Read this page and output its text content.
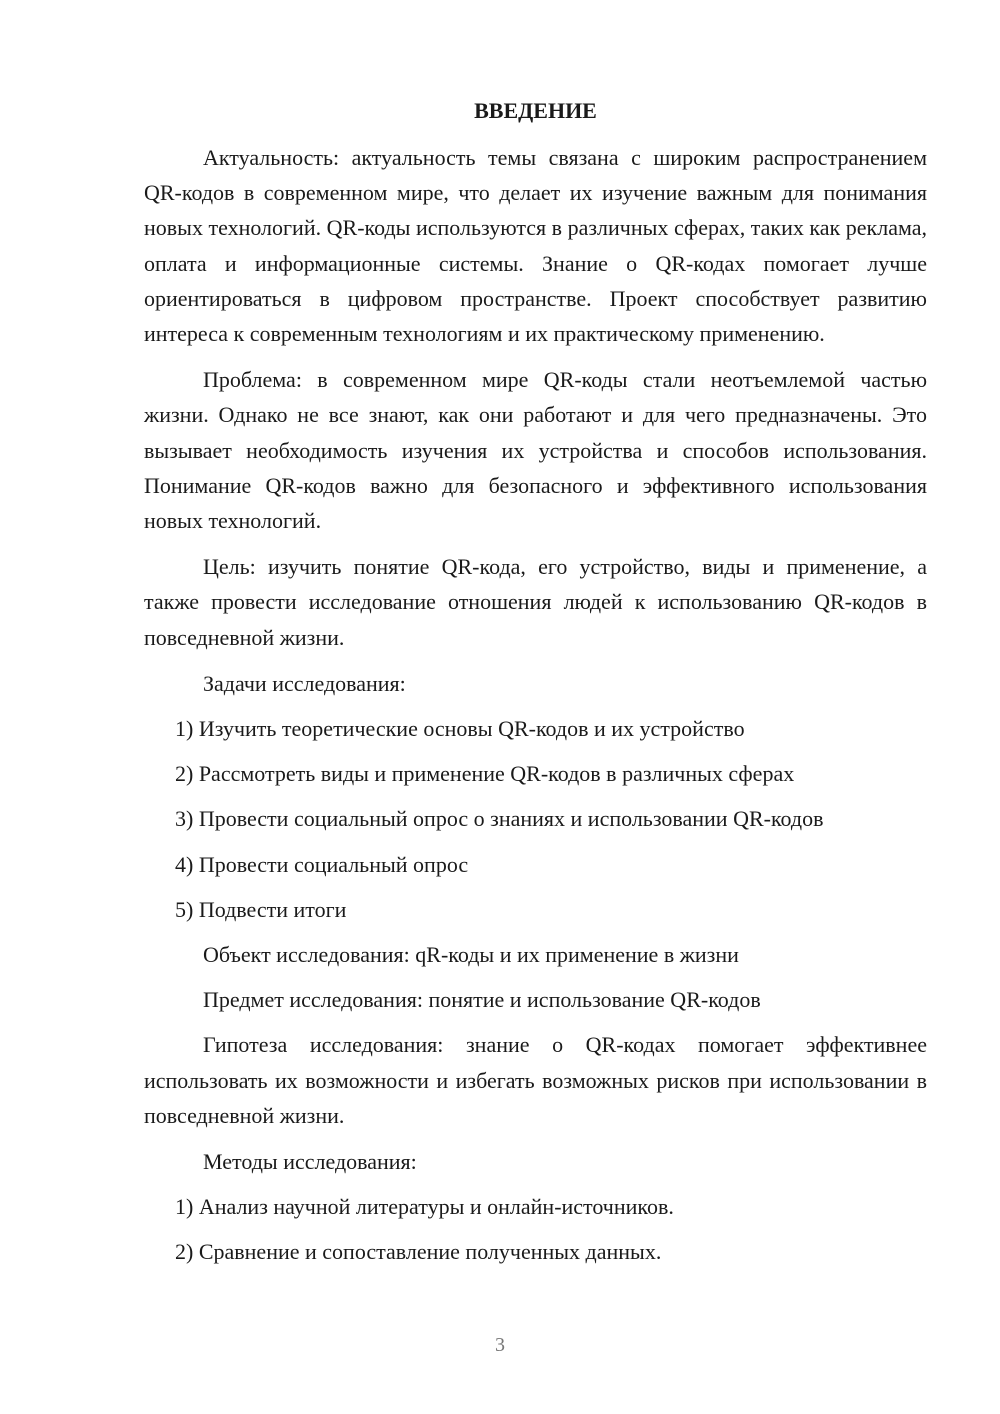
ВВЕДЕНИЕ

Актуальность: актуальность темы связана с широким распространением QR-кодов в современном мире, что делает их изучение важным для понимания новых технологий. QR-коды используются в различных сферах, таких как реклама, оплата и информационные системы. Знание о QR-кодах помогает лучше ориентироваться в цифровом пространстве. Проект способствует развитию интереса к современным технологиям и их практическому применению.

Проблема: в современном мире QR-коды стали неотъемлемой частью жизни. Однако не все знают, как они работают и для чего предназначены. Это вызывает необходимость изучения их устройства и способов использования. Понимание QR-кодов важно для безопасного и эффективного использования новых технологий.

Цель: изучить понятие QR-кода, его устройство, виды и применение, а также провести исследование отношения людей к использованию QR-кодов в повседневной жизни.

Задачи исследования:
1) Изучить теоретические основы QR-кодов и их устройство
2) Рассмотреть виды и применение QR-кодов в различных сферах
3) Провести социальный опрос о знаниях и использовании QR-кодов
4) Провести социальный опрос
5) Подвести итоги
Объект исследования: qR-коды и их применение в жизни
Предмет исследования: понятие и использование QR-кодов

Гипотеза исследования: знание о QR-кодах помогает эффективнее использовать их возможности и избегать возможных рисков при использовании в повседневной жизни.

Методы исследования:
1) Анализ научной литературы и онлайн-источников.
2) Сравнение и сопоставление полученных данных.
3
